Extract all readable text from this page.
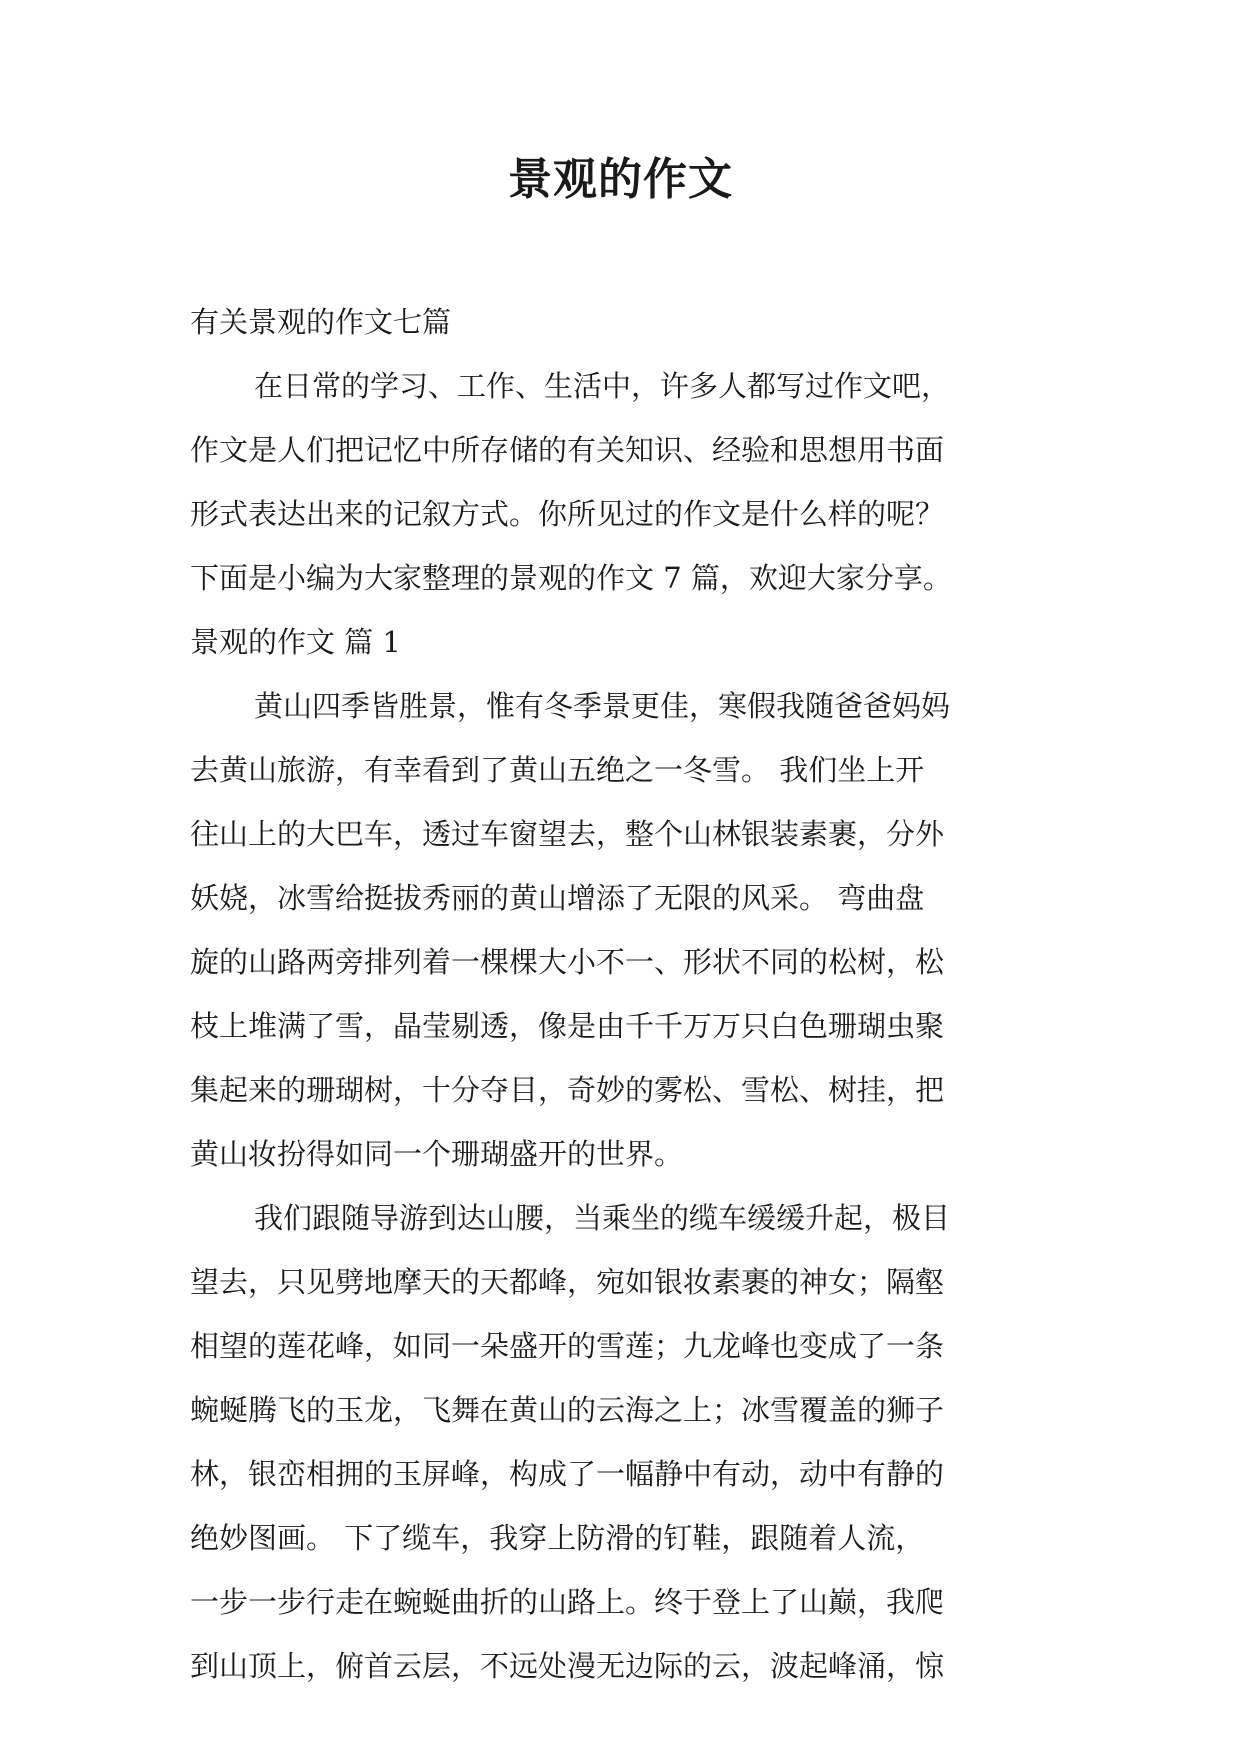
景观的作文
有关景观的作文七篇
在日常的学习、工作、生活中，许多人都写过作文吧，
作文是人们把记忆中所存储的有关知识、经验和思想用书面
形式表达出来的记叙方式。你所见过的作文是什么样的呢？
下面是小编为大家整理的景观的作文 7 篇，欢迎大家分享。
景观的作文 篇 1
黄山四季皆胜景，惟有冬季景更佳，寒假我随爸爸妈妈
去黄山旅游，有幸看到了黄山五绝之一冬雪。 我们坐上开
往山上的大巴车，透过车窗望去，整个山林银装素裹，分外
妖娆，冰雪给挺拔秀丽的黄山增添了无限的风采。 弯曲盘
旋的山路两旁排列着一棵棵大小不一、形状不同的松树，松
枝上堆满了雪，晶莹剔透，像是由千千万万只白色珊瑚虫聚
集起来的珊瑚树，十分夺目，奇妙的雾松、雪松、树挂，把
黄山妆扮得如同一个珊瑚盛开的世界。
我们跟随导游到达山腰，当乘坐的缆车缓缓升起，极目
望去，只见劈地摩天的天都峰，宛如银妆素裹的神女；隔壑
相望的莲花峰，如同一朵盛开的雪莲；九龙峰也变成了一条
蜿蜒腾飞的玉龙，飞舞在黄山的云海之上；冰雪覆盖的狮子
林，银峦相拥的玉屏峰，构成了一幅静中有动，动中有静的
绝妙图画。 下了缆车，我穿上防滑的钉鞋，跟随着人流，
一步一步行走在蜿蜒曲折的山路上。终于登上了山巅，我爬
到山顶上，俯首云层，不远处漫无边际的云，波起峰涌，惊
